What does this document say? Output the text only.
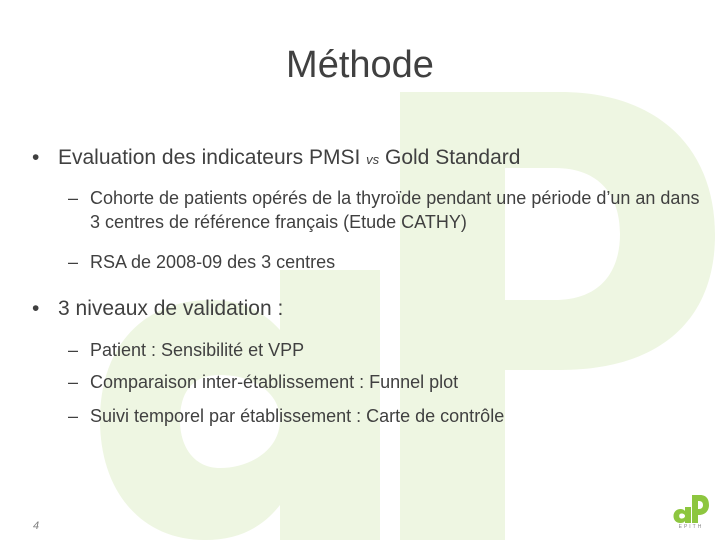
Méthode
• Evaluation des indicateurs PMSI vs Gold Standard
– Cohorte de patients opérés de la thyroïde pendant une période d’un an dans 3 centres de référence français (Etude CATHY)
– RSA de 2008-09 des 3 centres
• 3 niveaux de validation :
– Patient : Sensibilité et VPP
– Comparaison inter-établissement : Funnel plot
– Suivi temporel par établissement : Carte de contrôle
4	EPITH
